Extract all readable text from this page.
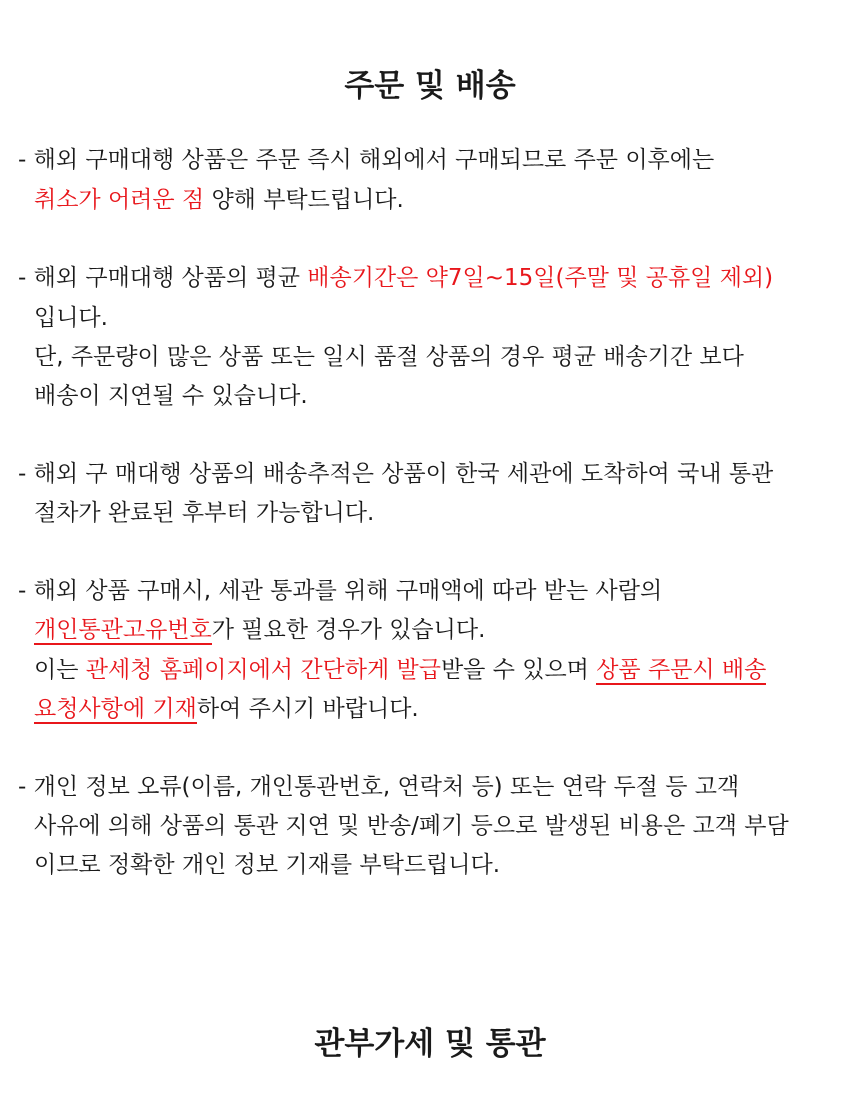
주문 및 배송
- 해외 구매대행 상품은 주문 즉시 해외에서 구매되므로 주문 이후에는
취소가 어려운 점 양해 부탁드립니다.
- 해외 구매대행 상품의 평균 배송기간은 약7일~15일(주말 및 공휴일 제외)
입니다.
단, 주문량이 많은 상품 또는 일시 품절 상품의 경우 평균 배송기간 보다
배송이 지연될 수 있습니다.
- 해외 구 매대행 상품의 배송추적은 상품이 한국 세관에 도착하여 국내 통관
절차가 완료된 후부터 가능합니다.
- 해외 상품 구매시, 세관 통과를 위해 구매액에 따라 받는 사람의
개인통관고유번호가 필요한 경우가 있습니다.
이는 관세청 홈페이지에서 간단하게 발급받을 수 있으며 상품 주문시 배송
요청사항에 기재하여 주시기 바랍니다.
- 개인 정보 오류(이름, 개인통관번호, 연락처 등) 또는 연락 두절 등 고객
사유에 의해 상품의 통관 지연 및 반송/폐기 등으로 발생된 비용은 고객 부담
이므로 정확한 개인 정보 기재를 부탁드립니다.
관부가세 및 통관
